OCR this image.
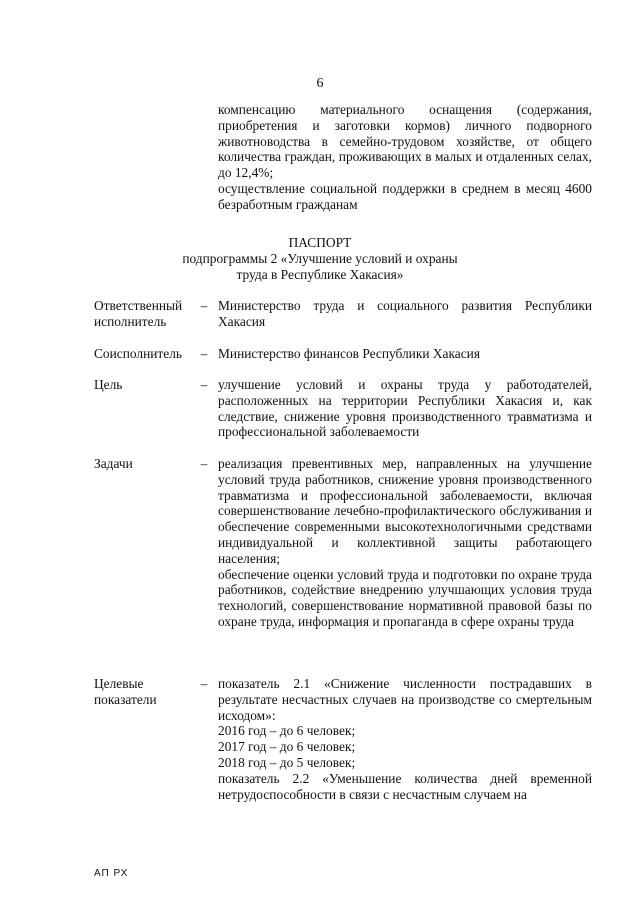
6

компенсацию материального оснащения (содержания, приобретения и заготовки кормов) личного подворного животноводства в семейно-трудовом хозяйстве, от общего количества граждан, проживающих в малых и отдаленных селах, до 12,4%;

осуществление социальной поддержки в среднем в месяц 4600 безработным гражданам

ПАСПОРТ
подпрограммы 2 «Улучшение условий и охраны
труда в Республике Хакасия»
Ответственный исполнитель
– Министерство труда и социального развития Республики Хакасия

Соисполнитель	– Министерство финансов Республики Хакасия

Цель	– улучшение условий и охраны труда у работодателей, расположенных на территории Республики Хакасия и, как следствие, снижение уровня производственного травматизма и профессиональной заболеваемости

Задачи	– реализация превентивных мер, направленных на улучшение условий труда работников, снижение уровня производственного травматизма и профессиональной заболеваемости, включая совершенствование лечебно-профилактического обслуживания и обеспечение современными высокотехнологичными средствами индивидуальной и коллективной защиты работающего населения;

обеспечение оценки условий труда и подготовки по охране труда работников, содействие внедрению улучшающих условия труда технологий, совершенствование нормативной правовой базы по охране труда, информация и пропаганда в сфере охраны труда

Целевые показатели
– показатель 2.1 «Снижение численности пострадавших в результате несчастных случаев на производстве со смертельным исходом»:

2016 год – до 6 человек;

2017 год – до 6 человек;

2018 год – до 5 человек;

показатель 2.2 «Уменьшение количества дней временной нетрудоспособности в связи с несчастным случаем на

АП РХ
